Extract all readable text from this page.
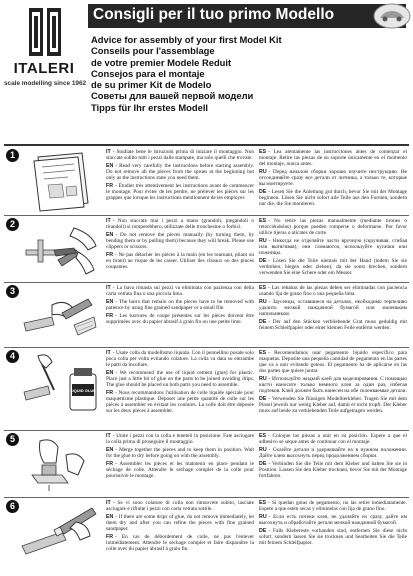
ITALERI
scale modelling since 1962
Consigli per il tuo primo Modello
Advice for assembly of your first Model Kit
Conseils pour l'assemblage
de votre premier Modele Reduit
Consejos para el montaje
de su primer Kit de Modelo
Советы для вашей первой модели
Tipps für Ihr erstes Modell
1	IT - Studiate bene le istruzioni prima di iniziare il montaggio. Non staccate subito tutti i pezzi dalle stampate, ma solo quelli che trovate.

EN - Read very carefully the instructions before starting assembly. Do not remove all the pieces from the sprues at the beginning but only as the instructions state you need them.

FR - Étudier très attentivement les instructions avant de commencer le montage. Pour éviter de les perdre, ne prélever les pièces sur les grappes que lorsque les instructions mentionnent de les employer.

ES - Lea atentamente las instrucciones antes de comenzar el montaje. Retire las piezas de su soporte únicamente en el momento del montaje, nunca antes.

RU - Перед началом сборки хорошо изучите инструкцию. Не отсоединяйте сразу все детали от литника, а только те, которые вы монтируете.

DE - Lesen Sie die Anleitung gut durch, bevor Sie mit der Montage beginnen. Lösen Sie nicht sofort alle Teile aus den Formen, sondern nur die, die Sie montieren.

2	IT - Non staccate mai i pezzi a mano (grandoli, piegandoli o tirandoli) si romperebbero, utilizzate delle tronchesine o forbici.

EN - Do not remove the pieces manually (by turning them, by bending them or by pulling them) because they will break. Please use clippers or scissors.

FR - Ne pas détacher les pièces à la main (en les tournant, pliant ou en tirant) au risque de les casser. Utiliser des ciseaux ou des pinces coupantes.

ES - No retire las piezas manualmente (mediante tirones o retorciéndolas) porque pueden romperse o deformarse. Por favor utilice tijeras o alicates de corte.

RU - Никогда не отделяйте части вручную (скручивая, сгибая или вытягивая), они сломаются, используйте кусачки или ножницы.

DE - Lösen Sie die Teile niemals mit der Hand (indem Sie sie verdrehen, biegen oder ziehen), da sie sonst brechen, sondern verwenden Sie eine Schere oder ein Messer.

3	IT - La bava rimasta sui pezzi va eliminata con pazienza con della carta vetrata fina o una piccola lima.

EN - The burrs that remain on the pieces have to be removed with patience by using fine grained sandpaper or a small file.

FR - Les barrures de coupe présentes sur les pièces doivent être supprimées avec du papier abrasif à grain fin ou une petite lime.

ES - Las rebabas de las piezas deben ser eliminadas con paciencia usando lija de grano fino o una pequeña lima.

RU - Заусенцы, оставшиеся на деталях, необходимо терпеливо удалить мелкой наждачной бумагой или маленьким напильником.

DE - Der auf den Stücken verbliebende Grat muss geduldig mit feinem Schleifpapier oder einer kleinen Feile entfernt werden.

4
LIQUID GLUE

IT - Usate colla da modellismo liquida. Con il pennellino posate solo poca colla per volta evitando colature. La colla va data su entrambe le parti da incollare.

EN - We recommend the use of liquid cement (glue) for plastic. Place just a little bit of glue on the parts to be joined avoiding drips. The glue should be placed on both parts you need to assemble.

FR - Nous recommandons l'utilisation de colle liquide spéciale pour maquettisme plastique. Déposer une petite quantité de colle sur les pièces à assembler en évitant les coulures. La colle doit être déposée sur les deux pièces à assembler.

ES - Recomendamos usar pegamento líquido específico para maquetas. Deposite una pequeña cantidad de pegamento en las partes que va a unir evitando goteos. El pegamento ha de aplicarse en las dos partes que quiere juntar.

RU - Используйте жидкий клей для моделирования. С помощью кисти наносите только немного клея за один раз, избегая подтеков. Клей должен быть нанесен на обе склеиваемые детали.

DE - Verwenden Sie flüssigen Modellierkleber. Tragen Sie mit dem Pinsel jeweils nur wenig Kleber auf, damit er nicht tropft. Der Kleber muss auf beide zu verklebenden Teile aufgetragen werden.

5	IT - Unite i pezzi con la colla e teneteli in posizione. Fate asciugare la colla prima di proseguire il montaggio.

EN - Merge together the pieces and to keep them in position. Wait for the glue to dry before going on with the assembly.

FR - Assembler les pièces et les maintenir en place pendant le séchage de colle. Attendre le séchage complet de la colle pour poursuivre le montage.

ES - Coloque las piezas a unir en su posición. Espere a que el adhesivo se seque antes de continuar con el montaje.

RU - Склейте детали и удерживайте их в нужном положении. Дайте клею высохнуть перед продолжением сборки.

DE - Verbinden Sie die Teile mit dem Kleber und halten Sie sie in Position. Lassen Sie den Kleber trocknen, bevor Sie mit der Montage fortfahren.

6	IT - Se vi sono colature di colla non rimuovete subito, lasciate asciugare e rifinite i pezzi con carta vetrata sottile.

EN - If there are some drips of glue, do not remove immediately, let them dry and after you can refine the pieces with fine grained sandpaper.

FR - En cas de débordement de colle, ne pas l'enlever immédiatement. Attendre le séchage complet et faire disparaître la colle avec du papier abrasif à grain fin.

ES - Si quedan gotas de pegamento, no las retire inmediatamente. Espere a que estén secas y elimínelas con lija de grano fino.

RU - Если есть потеки клея, не удаляйте их сразу, дайте им высохнуть и обработайте детали мелкой наждачной бумагой.

DE - Falls Klebereste vorhanden sind, entfernen Sie diese nicht sofort, sondern lassen Sie sie trocknen und bearbeiten Sie die Teile mit feinem Schleifpapier.
